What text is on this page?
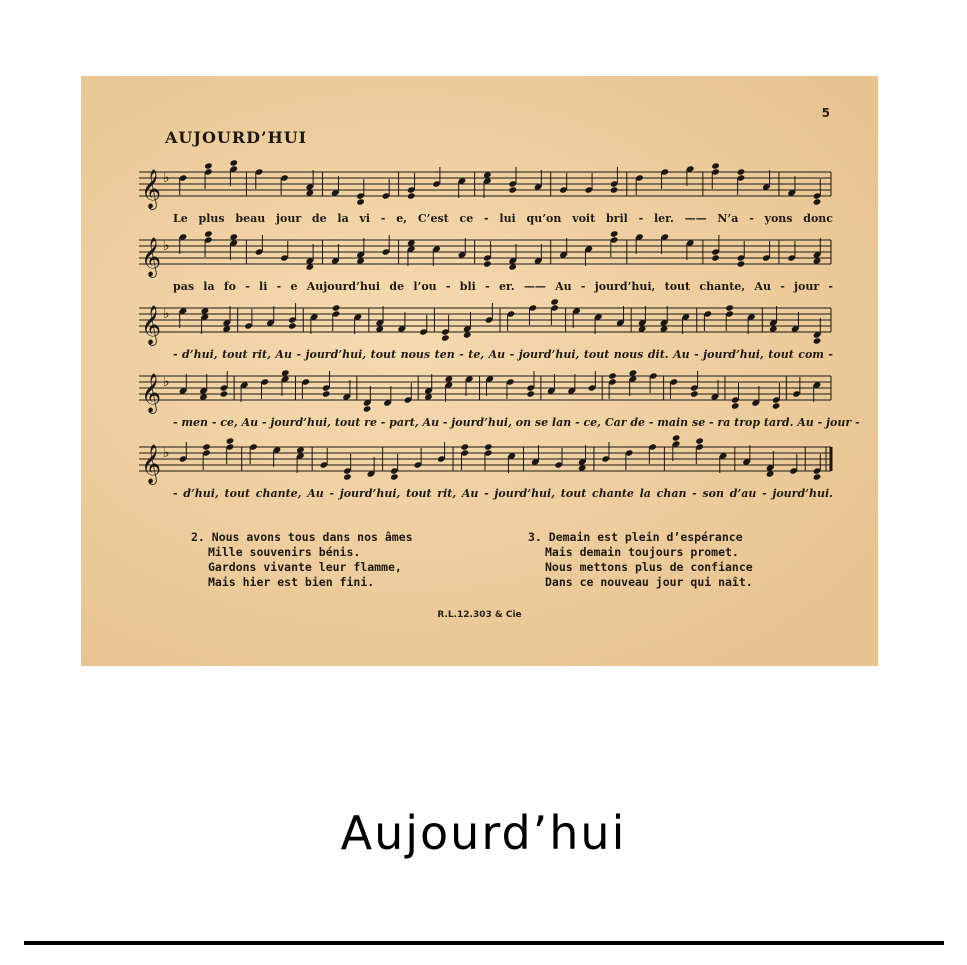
5
AUJOURD’HUI
𝄞 ♭
Le plus beau jour de la vi - e, C’est ce - lui qu’on voit bril - ler. —— N’a - yons donc
𝄞 ♭
pas la fo - li - e Aujourd’hui de l’ou - bli - er. —— Au - jourd’hui, tout chante, Au - jour -
𝄞 ♭
- d’hui, tout rit, Au - jourd’hui, tout nous ten - te, Au - jourd’hui, tout nous dit. Au - jourd’hui, tout com -
𝄞 ♭
- men - ce, Au - jourd’hui, tout re - part, Au - jourd’hui, on se lan - ce, Car de - main se - ra trop tard. Au - jour -
𝄞 ♭
- d’hui, tout chante, Au - jourd’hui, tout rit, Au - jourd’hui, tout chante la chan - son d’au - jourd’hui.
2. Nous avons tous dans nos âmes
Mille souvenirs bénis.
Gardons vivante leur flamme,
Mais hier est bien fini.
3. Demain est plein d’espérance
Mais demain toujours promet.
Nous mettons plus de confiance
Dans ce nouveau jour qui naît.
R.L.12.303 & Cie
Aujourd’hui
